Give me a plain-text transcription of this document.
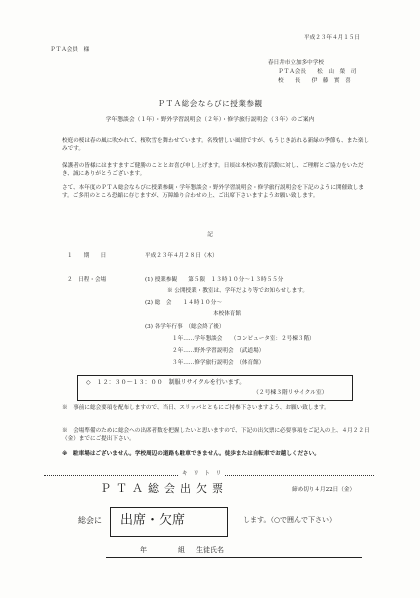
平成２３年４月１５日
ＰＴＡ会員　様
春日井市立加多中学校
ＰＴＡ会長　　松　山　榮　司
校　　長　　伊　藤　實　喜
ＰＴＡ総会ならびに授業参観
学年懇談会（１年）・野外学習説明会（２年）・修学旅行説明会（３年）のご案内
校庭の桜は春の風に吹かれて、桜吹雪を舞わせています。名残惜しい風情ですが、もうじき訪れる新緑の季節も、また楽しみです。
保護者の皆様にはますますご健勝のこととお喜び申し上げます。日頃は本校の教育活動に対し、ご理解とご協力をいただき、誠にありがとうございます。
さて、本年度のＰＴＡ総会ならびに授業参観・学年懇談会・野外学習説明会・修学旅行説明会を下記のように開催致します。ご多用のところ恐縮に存じますが、万障繰り合わせの上、ご出席下さいますようお願い致します。
記
１　　期　　日	平成２３年４月２８日（木）
２　日程・会場	(1) 授業参観　　第５限　１３時１０分～１３時５５分
※ 公開授業・教室は、学年だより等でお知らせします。
(2) 総　会　　１４時１０分～
本校体育館
(3) 各学年行事　（総会終了後）
１年……学年懇談会　　（コンピュータ室：２号棟３階）
２年……野外学習説明会　（武道場）
３年……修学旅行説明会　（体育館）
◇　１２：３０～１３：００　制服リサイクルを行います。
（２号棟３階リサイクル室）
※　事前に総会要項を配布しますので、当日、スリッパとともにご持参下さいますよう、お願い致します。
※　会場準備のために総会への出席者数を把握したいと思いますので、下記の出欠票に必要事項をご記入の上、４月２２日（金）までにご提出下さい。
※　駐車場はございません。学校周辺の道路も駐車できません。徒歩または自転車でお越しください。
キ　リ　ト　リ
ＰＴＡ総会出欠票	締め切り４月22日（金）
総会に 出席・欠席	します。（○で囲んで下さい）
年	組 生徒氏名
